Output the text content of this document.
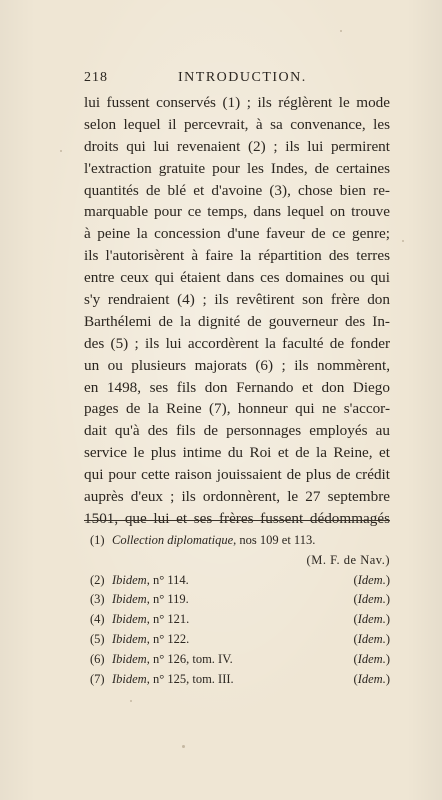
218	INTRODUCTION.
lui fussent conservés (1) ; ils réglèrent le mode
selon lequel il percevrait, à sa convenance, les
droits qui lui revenaient (2) ; ils lui permirent
l'extraction gratuite pour les Indes, de certaines
quantités de blé et d'avoine (3), chose bien re-
marquable pour ce temps, dans lequel on trouve
à peine la concession d'une faveur de ce genre;
ils l'autorisèrent à faire la répartition des terres
entre ceux qui étaient dans ces domaines ou qui
s'y rendraient (4) ; ils revêtirent son frère don
Barthélemi de la dignité de gouverneur des In-
des (5) ; ils lui accordèrent la faculté de fonder
un ou plusieurs majorats (6) ; ils nommèrent,
en 1498, ses fils don Fernando et don Diego
pages de la Reine (7), honneur qui ne s'accor-
dait qu'à des fils de personnages employés au
service le plus intime du Roi et de la Reine, et
qui pour cette raison jouissaient de plus de crédit
auprès d'eux ; ils ordonnèrent, le 27 septembre
1501, que lui et ses frères fussent dédommagés
(1) Collection diplomatique, nos 109 et 113.
(M. F. de Nav.)
(2) Ibidem, n° 114.	(Idem.)
(3) Ibidem, n° 119.	(Idem.)
(4) Ibidem, n° 121.	(Idem.)
(5) Ibidem, n° 122.	(Idem.)
(6) Ibidem, n° 126, tom. IV.	(Idem.)
(7) Ibidem, n° 125, tom. III.	(Idem.)
